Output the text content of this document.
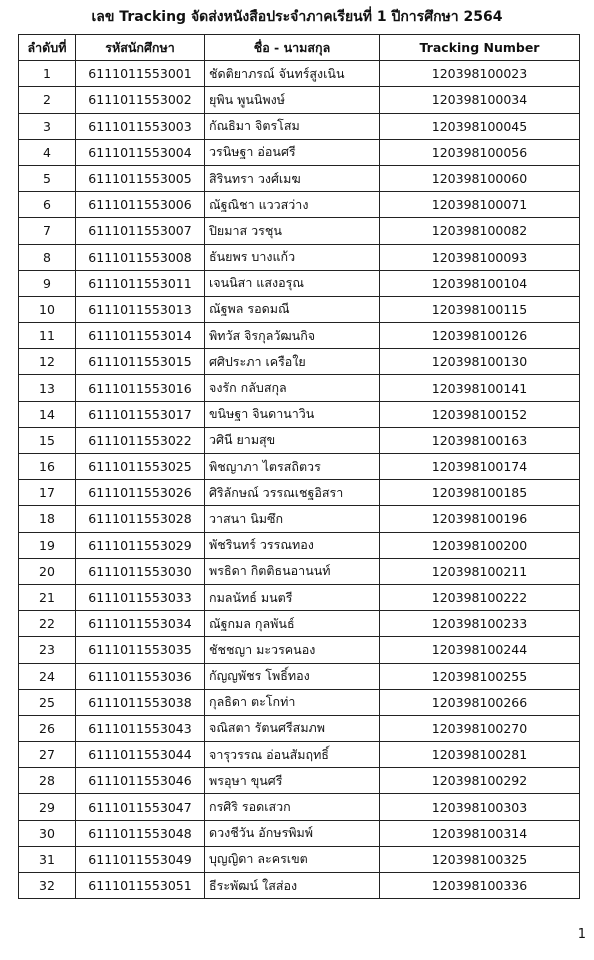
เลข Tracking จัดส่งหนังสือประจำภาคเรียนที่ 1 ปีการศึกษา 2564
ลำดับที่	รหัสนักศึกษา	ชื่อ - นามสกุล	Tracking Number
1	6111011553001	ชัดติยาภรณ์ จันทร์สูงเนิน	120398100023
2	6111011553002	ยุพิน พูนนิพงษ์	120398100034
3	6111011553003	กัณธิมา จิตรโสม	120398100045
4	6111011553004	วรนิษฐา อ่อนศรี	120398100056
5	6111011553005	สิรินทรา วงศ์เมฆ	120398100060
6	6111011553006	ณัฐณิชา แววสว่าง	120398100071
7	6111011553007	ปิยมาส วรชุน	120398100082
8	6111011553008	ธันยพร บางแก้ว	120398100093
9	6111011553011	เจนนิสา แสงอรุณ	120398100104
10	6111011553013	ณัฐพล รอดมณี	120398100115
11	6111011553014	พิทวัส จิรกุลวัฒนกิจ	120398100126
12	6111011553015	ศศิประภา เครือใย	120398100130
13	6111011553016	จงรัก กลับสกุล	120398100141
14	6111011553017	ขนิษฐา จินดานาวิน	120398100152
15	6111011553022	วศินี ยามสุข	120398100163
16	6111011553025	พิชญาภา ไตรสถิตวร	120398100174
17	6111011553026	ศิริลักษณ์ วรรณเชฐอิสรา	120398100185
18	6111011553028	วาสนา นิมซึก	120398100196
19	6111011553029	พัชรินทร์ วรรณทอง	120398100200
20	6111011553030	พรธิดา กิตติธนอานนท์	120398100211
21	6111011553033	กมลนัทธ์ มนตรี	120398100222
22	6111011553034	ณัฐกมล กุลพันธ์	120398100233
23	6111011553035	ชัชชญา มะวรคนอง	120398100244
24	6111011553036	กัญญพัชร โพธิ์ทอง	120398100255
25	6111011553038	กุลธิดา ตะโกท่า	120398100266
26	6111011553043	จณิสตา รัตนศรีสมภพ	120398100270
27	6111011553044	จารุวรรณ อ่อนสัมฤทธิ์	120398100281
28	6111011553046	พรอุษา ขุนศรี	120398100292
29	6111011553047	กรศิริ รอดเสวก	120398100303
30	6111011553048	ดวงชีวัน อักษรพิมพ์	120398100314
31	6111011553049	บุญญิดา ละครเขต	120398100325
32	6111011553051	ธีระพัฒน์ ใสส่อง	120398100336
1
